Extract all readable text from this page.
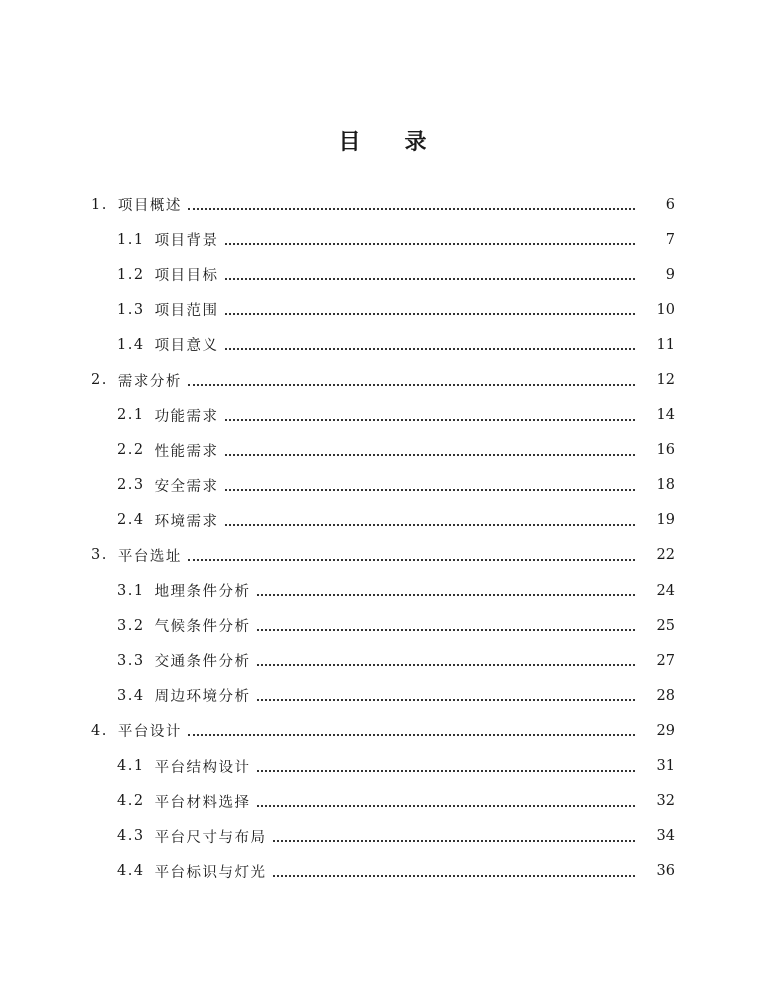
目 录
1. 项目概述	6
1.1 项目背景	7
1.2 项目目标	9
1.3 项目范围	10
1.4 项目意义	11
2. 需求分析	12
2.1 功能需求	14
2.2 性能需求	16
2.3 安全需求	18
2.4 环境需求	19
3. 平台选址	22
3.1 地理条件分析	24
3.2 气候条件分析	25
3.3 交通条件分析	27
3.4 周边环境分析	28
4. 平台设计	29
4.1 平台结构设计	31
4.2 平台材料选择	32
4.3 平台尺寸与布局	34
4.4 平台标识与灯光	36
